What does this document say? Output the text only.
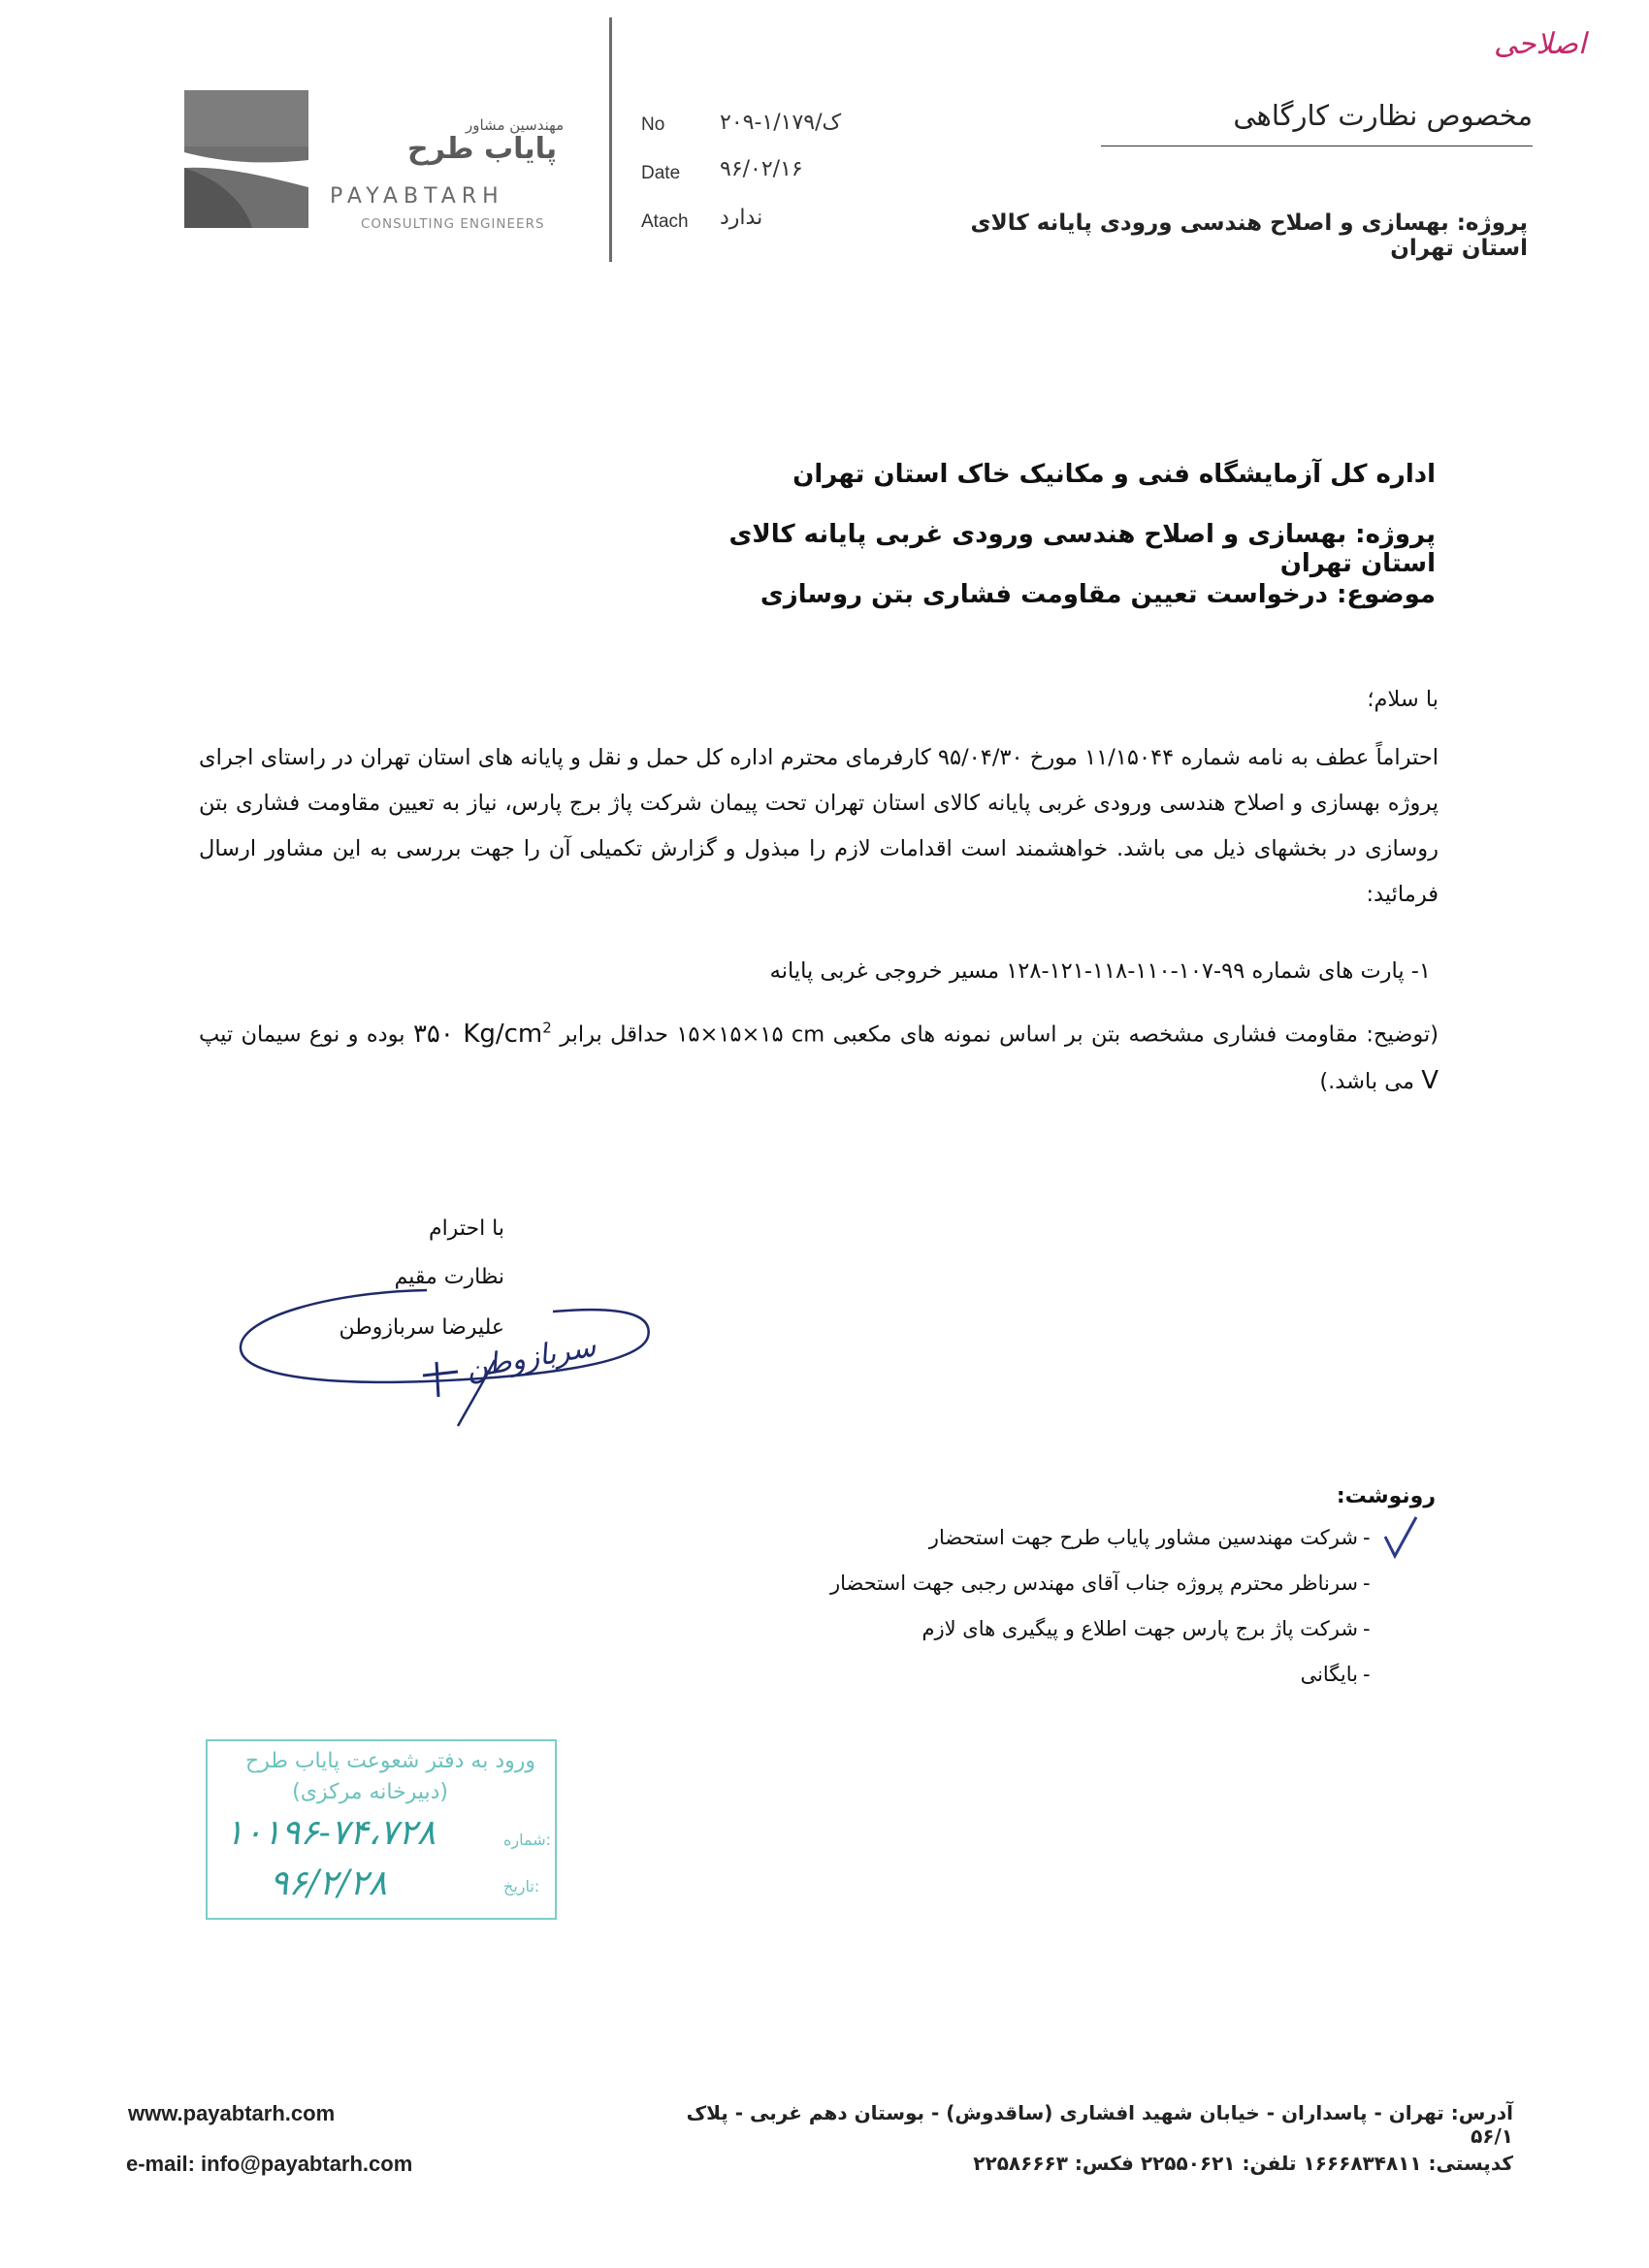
مهندسین مشاور
پایاب طرح
PAYABTARH
CONSULTING ENGINEERS
No	۲۰۹-۱/ک/۱۷۹
Date ۹۶/۰۲/۱۶
Atach ندارد
اصلاحی
مخصوص نظارت کارگاهی
پروژه: بهسازی و اصلاح هندسی ورودی پایانه کالای استان تهران
اداره کل آزمایشگاه فنی و مکانیک خاک استان تهران
پروژه: بهسازی و اصلاح هندسی ورودی غربی پایانه کالای استان تهران
موضوع: درخواست تعیین مقاومت فشاری بتن روسازی
با سلام؛
احتراماً عطف به نامه شماره ۱۱/۱۵۰۴۴ مورخ ۹۵/۰۴/۳۰ کارفرمای محترم اداره کل حمل و نقل و پایانه های استان تهران در راستای اجرای پروژه بهسازی و اصلاح هندسی ورودی غربی پایانه کالای استان تهران تحت پیمان شرکت پاژ برج پارس، نیاز به تعیین مقاومت فشاری بتن روسازی در بخشهای ذیل می باشد. خواهشمند است اقدامات لازم را مبذول و گزارش تکمیلی آن را جهت بررسی به این مشاور ارسال فرمائید:
۱- پارت های شماره ۹۹-۱۰۷-۱۱۰-۱۱۸-۱۲۱-۱۲۸ مسیر خروجی غربی پایانه
(توضیح: مقاومت فشاری مشخصه بتن بر اساس نمونه های مکعبی ۱۵×۱۵×۱۵ cm حداقل برابر ۳۵۰ $Kg/cm^2$ بوده و نوع سیمان تیپ V می باشد.)
با احترام
نظارت مقیم
علیرضا سربازوطن
سربازوطن
رونوشت:
شرکت مهندسین مشاور پایاب طرح جهت استحضار -
سرناظر محترم پروژه جناب آقای مهندس رجبی جهت استحضار -
شرکت پاژ برج پارس جهت اطلاع و پیگیری های لازم -
بایگانی -
ورود به دفتر شعوعت پایاب طرح
(دبیرخانه مرکزی)
شماره:
۱۰۱۹۶-۷۴،۷۲۸
تاریخ:
۹۶/۲/۲۸
www.payabtarh.com
e-mail: info@payabtarh.com
آدرس: تهران - پاسداران - خیابان شهید افشاری (ساقدوش) - بوستان دهم غربی - پلاک ۵۶/۱
کدپستی: ۱۶۶۶۸۳۴۸۱۱ تلفن: ۲۲۵۵۰۶۲۱ فکس: ۲۲۵۸۶۶۶۳
